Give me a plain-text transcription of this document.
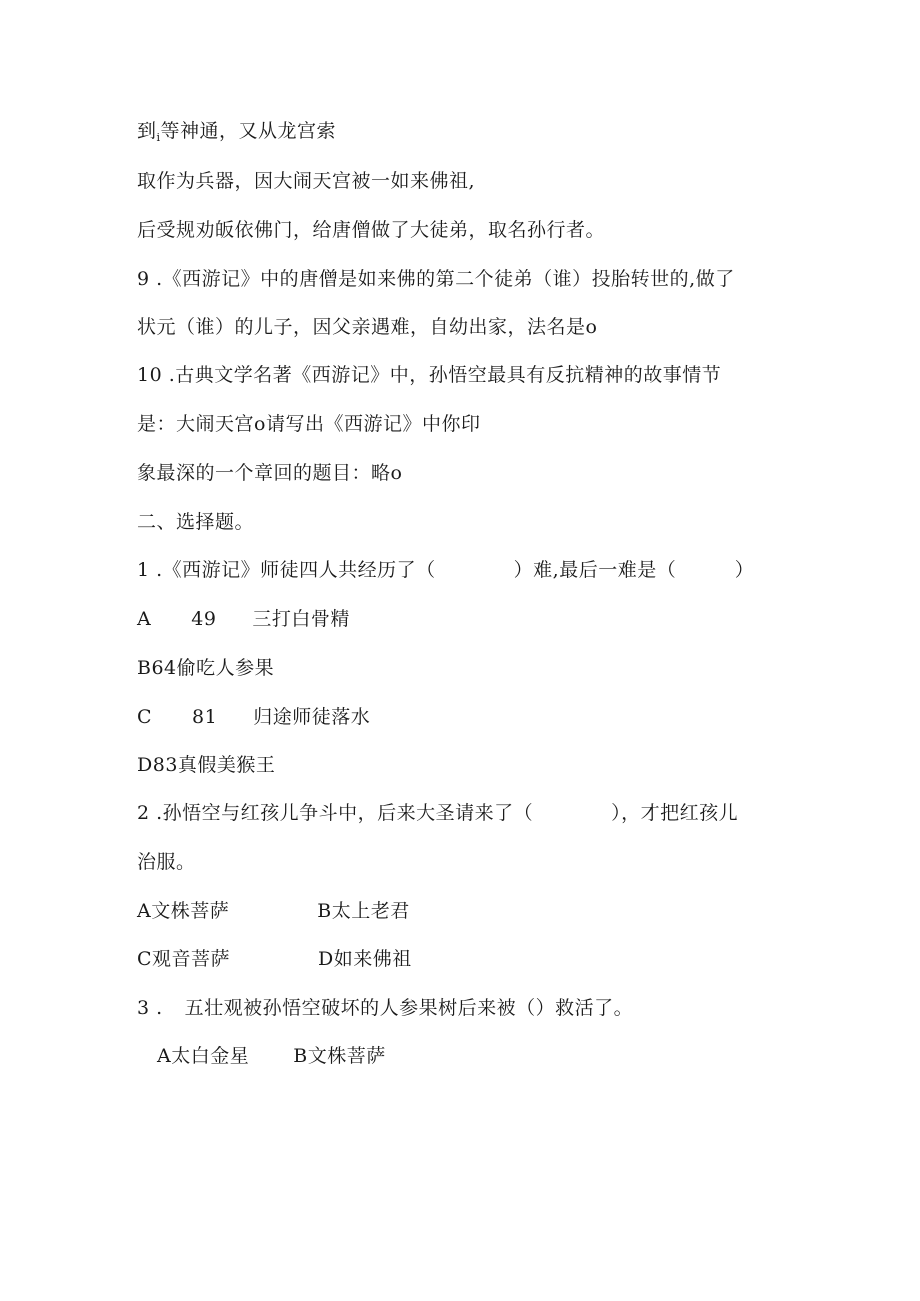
到$_i$等神通，又从龙宫索
取作为兵器，因大闹天宫被一如来佛祖,
后受规劝皈依佛门，给唐僧做了大徒弟，取名孙行者。
9 .《西游记》中的唐僧是如来佛的第二个徒弟（谁）投胎转世的,做了
状元（谁）的儿子，因父亲遇难，自幼出家，法名是o
10 .古典文学名著《西游记》中，孙悟空最具有反抗精神的故事情节
是：大闹天宫o请写出《西游记》中你印
象最深的一个章回的题目：略o
二、选择题。
1 .《西游记》师徒四人共经历了（　　　　）难,最后一难是（　　　）
A 49 三打白骨精
B64偷吃人参果
C 81 归途师徒落水
D83真假美猴王
2 .孙悟空与红孩儿争斗中，后来大圣请来了（　　　　），才把红孩儿
治服。
A文株菩萨	B太上老君
C观音菩萨	D如来佛祖
3 . 五壮观被孙悟空破坏的人参果树后来被（）救活了。
A太白金星 B文株菩萨
